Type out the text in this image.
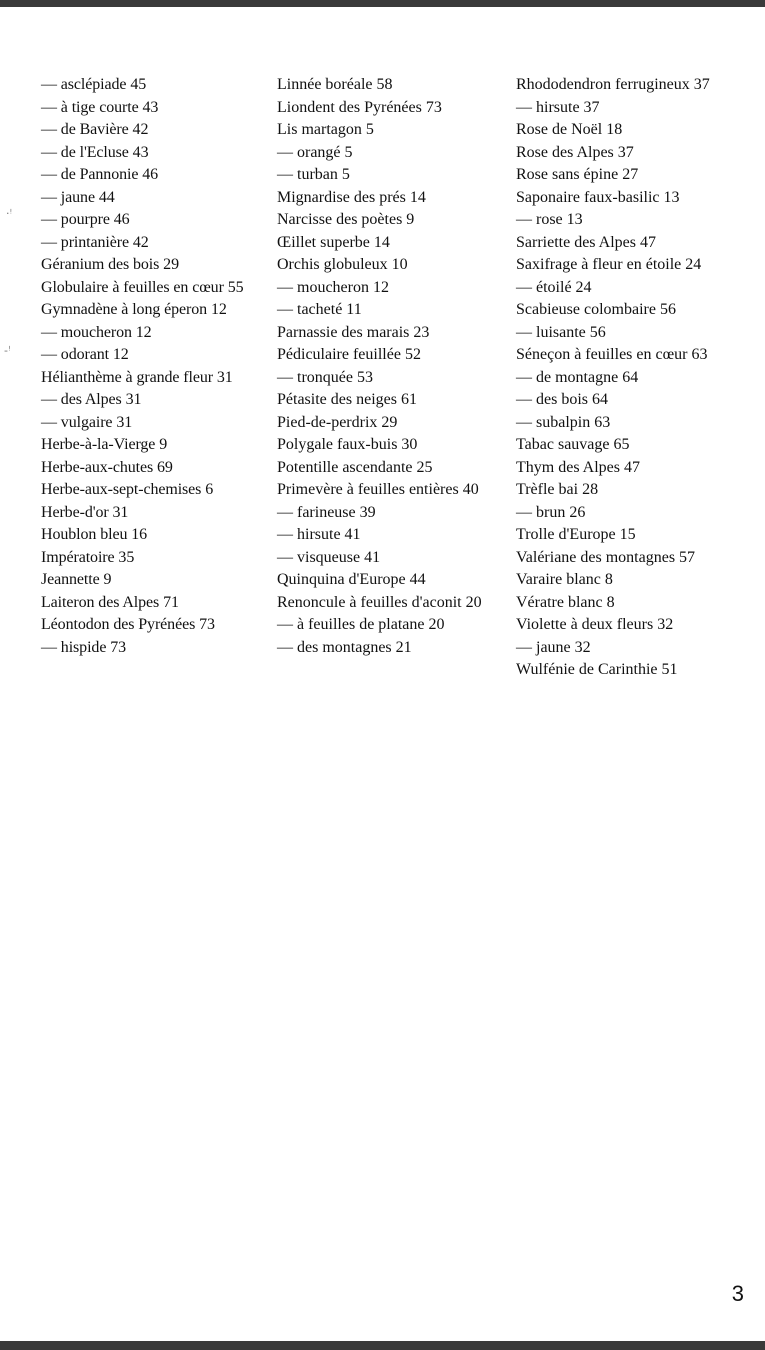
·ꜝ
-ꜝ
— asclépiade 45
— à tige courte 43
— de Bavière 42
— de l'Ecluse 43
— de Pannonie 46
— jaune 44
— pourpre 46
— printanière 42
Géranium des bois 29
Globulaire à feuilles en cœur 55
Gymnadène à long éperon 12
— moucheron 12
— odorant 12
Hélianthème à grande fleur 31
— des Alpes 31
— vulgaire 31
Herbe-à-la-Vierge 9
Herbe-aux-chutes 69
Herbe-aux-sept-chemises 6
Herbe-d'or 31
Houblon bleu 16
Impératoire 35
Jeannette 9
Laiteron des Alpes 71
Léontodon des Pyrénées 73
— hispide 73
Linnée boréale 58
Liondent des Pyrénées 73
Lis martagon 5
— orangé 5
— turban 5
Mignardise des prés 14
Narcisse des poètes 9
Œillet superbe 14
Orchis globuleux 10
— moucheron 12
— tacheté 11
Parnassie des marais 23
Pédiculaire feuillée 52
— tronquée 53
Pétasite des neiges 61
Pied-de-perdrix 29
Polygale faux-buis 30
Potentille ascendante 25
Primevère à feuilles entières 40
— farineuse 39
— hirsute 41
— visqueuse 41
Quinquina d'Europe 44
Renoncule à feuilles d'aconit 20
— à feuilles de platane 20
— des montagnes 21
Rhododendron ferrugineux 37
— hirsute 37
Rose de Noël 18
Rose des Alpes 37
Rose sans épine 27
Saponaire faux-basilic 13
— rose 13
Sarriette des Alpes 47
Saxifrage à fleur en étoile 24
— étoilé 24
Scabieuse colombaire 56
— luisante 56
Séneçon à feuilles en cœur 63
— de montagne 64
— des bois 64
— subalpin 63
Tabac sauvage 65
Thym des Alpes 47
Trèfle bai 28
— brun 26
Trolle d'Europe 15
Valériane des montagnes 57
Varaire blanc 8
Vératre blanc 8
Violette à deux fleurs 32
— jaune 32
Wulfénie de Carinthie 51
3
